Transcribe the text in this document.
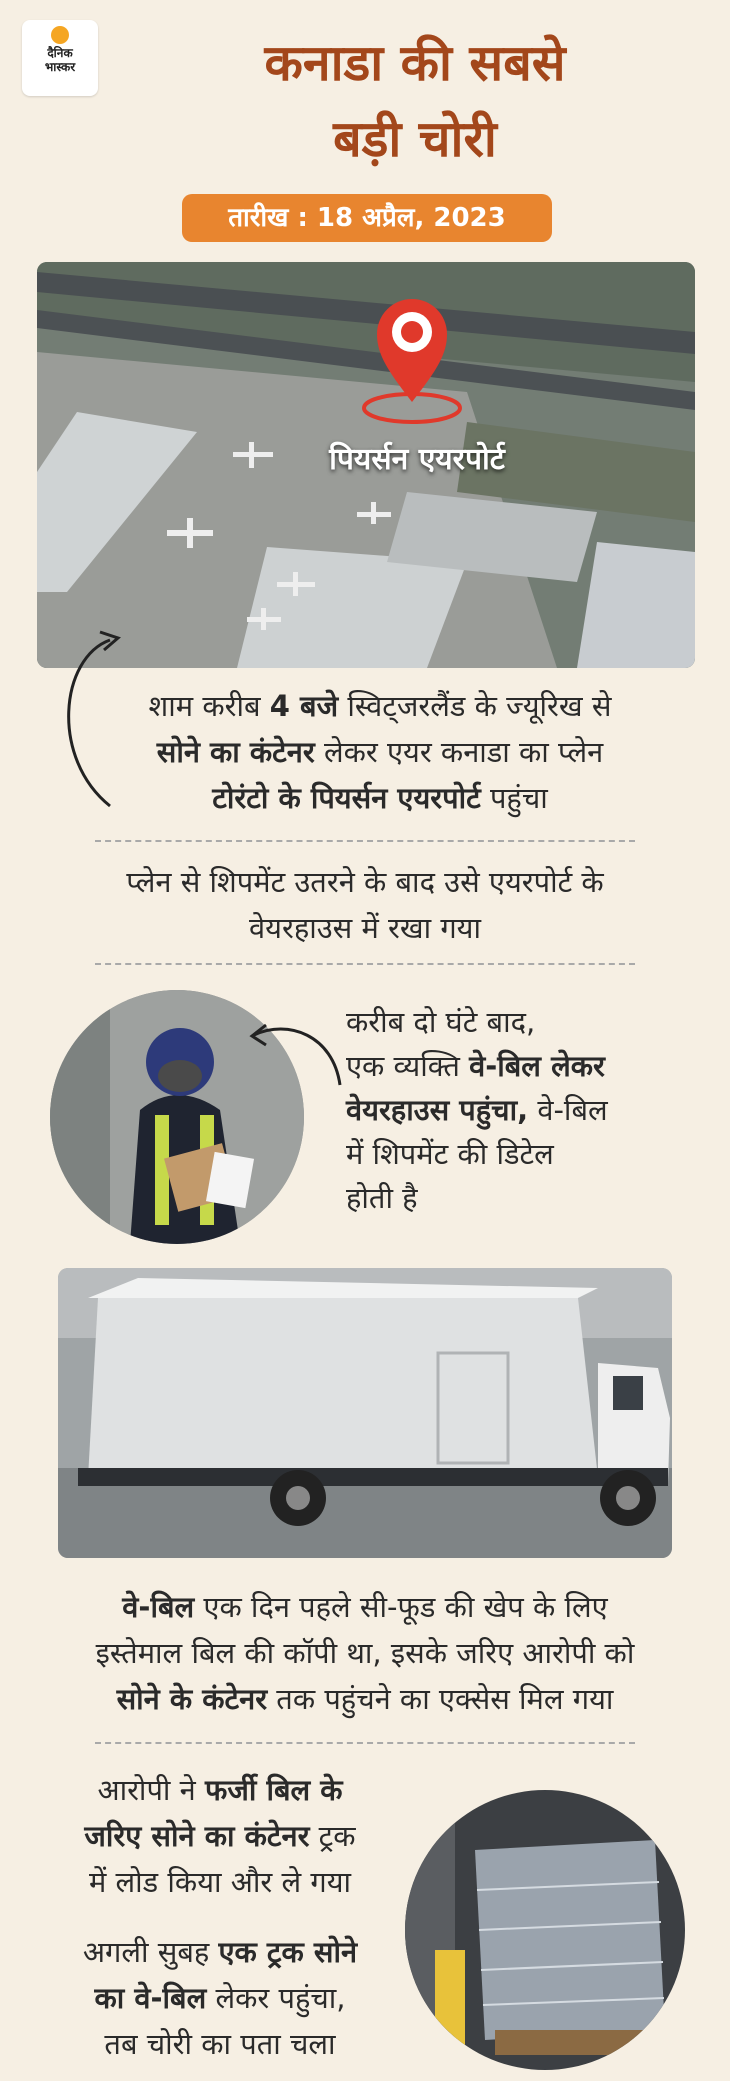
दैनिक
भास्कर	कनाडा की सबसे
बड़ी चोरी
तारीख : 18 अप्रैल, 2023
पियर्सन एयरपोर्ट
शाम करीब 4 बजे स्विट्जरलैंड के ज्यूरिख से
सोने का कंटेनर लेकर एयर कनाडा का प्लेन
टोरंटो के पियर्सन एयरपोर्ट पहुंचा
प्लेन से शिपमेंट उतरने के बाद उसे एयरपोर्ट के
वेयरहाउस में रखा गया
करीब दो घंटे बाद,
एक व्यक्ति वे-बिल लेकर
वेयरहाउस पहुंचा, वे-बिल
में शिपमेंट की डिटेल
होती है
वे-बिल एक दिन पहले सी-फूड की खेप के लिए
इस्तेमाल बिल की कॉपी था, इसके जरिए आरोपी को
सोने के कंटेनर तक पहुंचने का एक्सेस मिल गया
आरोपी ने फर्जी बिल के
जरिए सोने का कंटेनर ट्रक
में लोड किया और ले गया
अगली सुबह एक ट्रक सोने
का वे-बिल लेकर पहुंचा,
तब चोरी का पता चला
